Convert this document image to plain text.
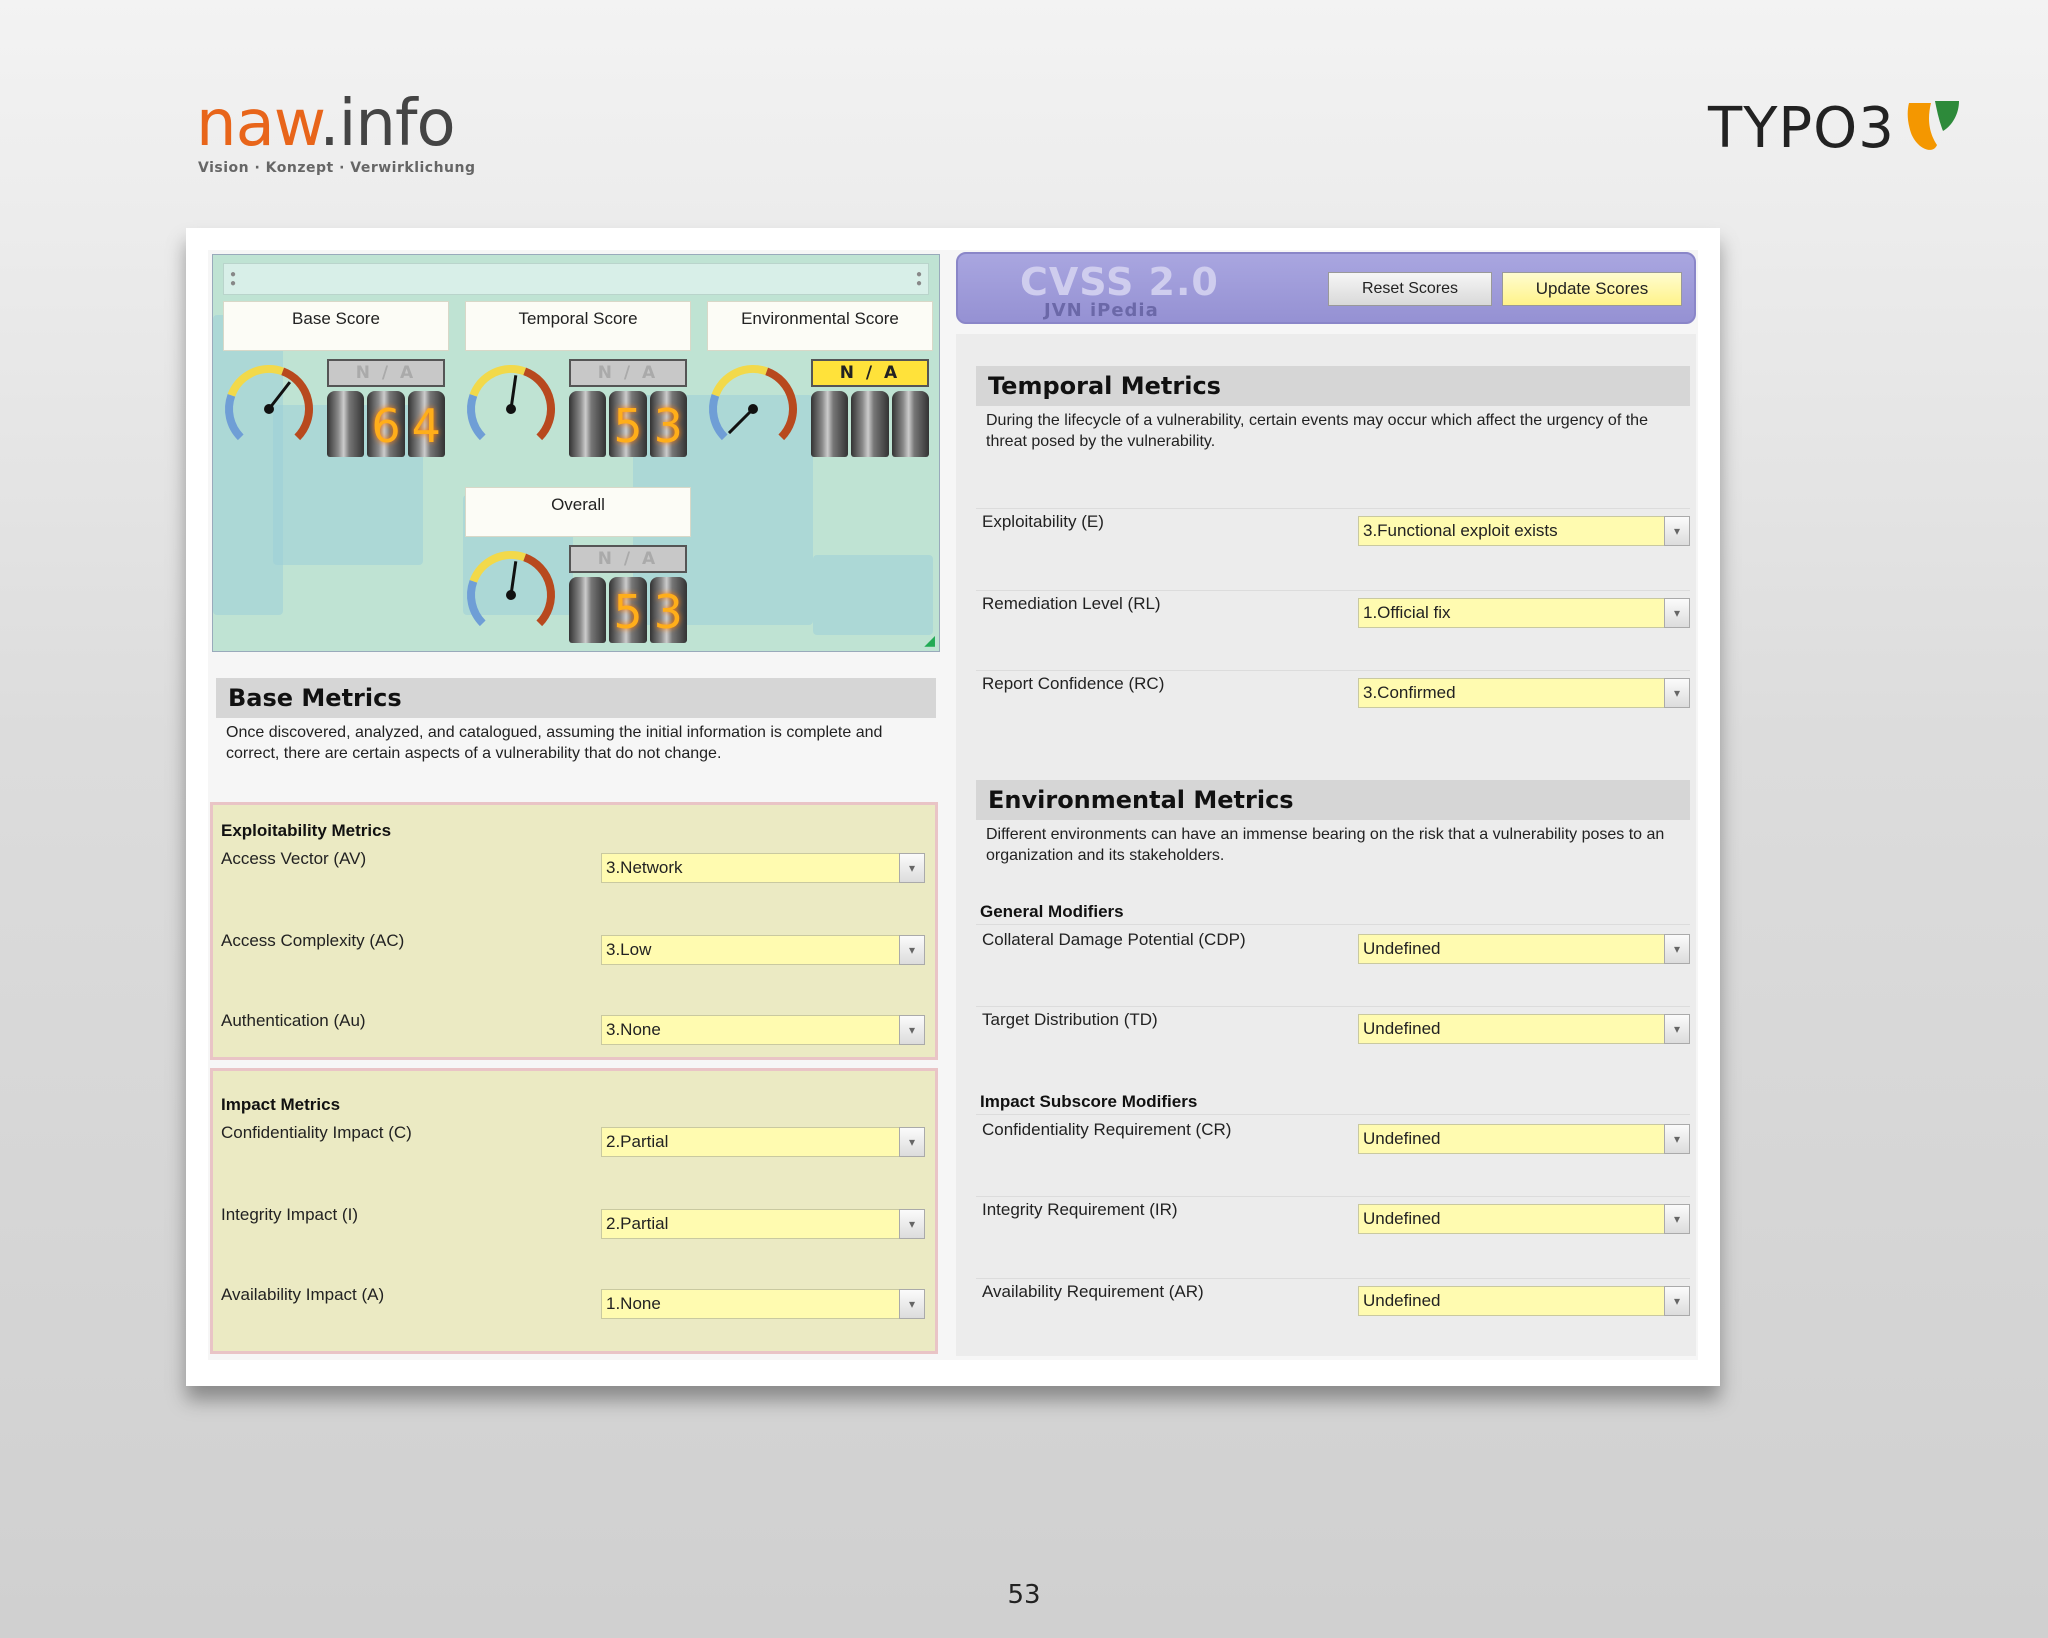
naw.info
Vision · Konzept · Verwirklichung
TYPO3
53
●
●
●
●
Base Score	Temporal Score	Environmental Score
Overall
N / A
6 4
N / A
5 3
N / A
N / A
5 3
◢
Base Metrics
Once discovered, analyzed, and catalogued, assuming the initial information is complete and correct, there are certain aspects of a vulnerability that do not change.
Exploitability Metrics
Access Vector (AV)	3.Network	▾
Access Complexity (AC)	3.Low	▾
Authentication (Au)	3.None	▾
Impact Metrics
Confidentiality Impact (C)	2.Partial	▾
Integrity Impact (I)	2.Partial	▾
Availability Impact (A)	1.None	▾
CVSS 2.0
JVN iPedia
Reset Scores	Update Scores
Temporal Metrics
During the lifecycle of a vulnerability, certain events may occur which affect the urgency of the threat posed by the vulnerability.
Exploitability (E)	3.Functional exploit exists	▾
Remediation Level (RL)	1.Official fix	▾
Report Confidence (RC)	3.Confirmed	▾
Environmental Metrics
Different environments can have an immense bearing on the risk that a vulnerability poses to an organization and its stakeholders.
General Modifiers
Collateral Damage Potential (CDP)	Undefined	▾
Target Distribution (TD)	Undefined	▾
Impact Subscore Modifiers
Confidentiality Requirement (CR)	Undefined	▾
Integrity Requirement (IR)	Undefined	▾
Availability Requirement (AR)	Undefined	▾
